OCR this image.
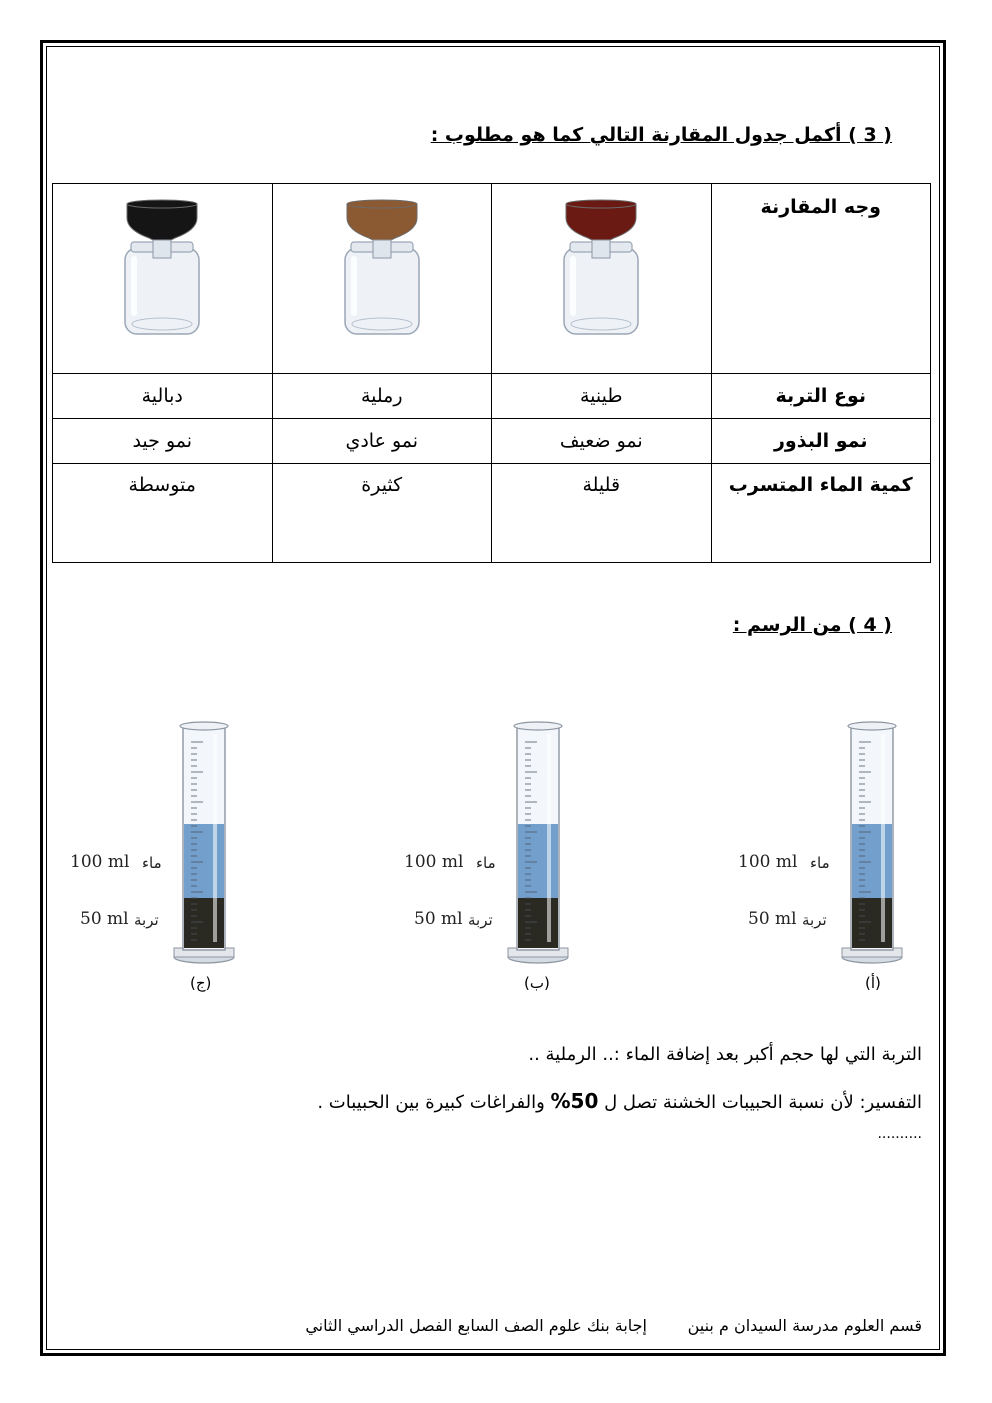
( 3 ) أكمل جدول المقارنة التالي كما هو مطلوب :
وجه المقارنة	

نوع التربة	طينية	رملية	دبالية
نمو البذور	نمو ضعيف	نمو عادي	نمو جيد
كمية الماء المتسرب	قليلة	كثيرة	متوسطة
( 4 ) من الرسم :
100 ml ماء
50 ml تربة
(أ)
100 ml ماء
50 ml تربة
(ب)
100 ml ماء
50 ml تربة
(ج)
التربة التي لها حجم أكبر بعد إضافة الماء :.. الرملية ..
التفسير: لأن نسبة الحبيبات الخشنة تصل ل 50% والفراغات كبيرة بين الحبيبات .
..........
قسم العلوم مدرسة السيدان م بنين
إجابة بنك علوم الصف السابع الفصل الدراسي الثاني
